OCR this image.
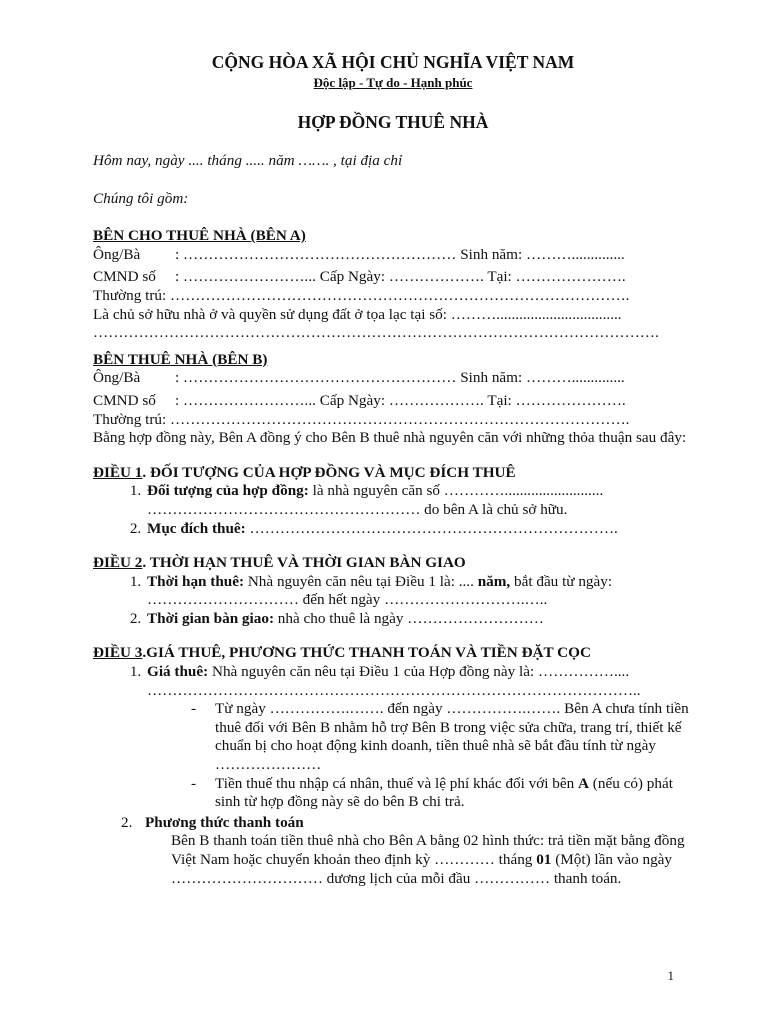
CỘNG HÒA XÃ HỘI CHỦ NGHĨA VIỆT NAM

Độc lập - Tự do - Hạnh phúc

HỢP ĐỒNG THUÊ NHÀ

Hôm nay, ngày .... tháng ..... năm ……. , tại địa chỉ

Chúng tôi gồm:

BÊN CHO THUÊ NHÀ (BÊN A)

Ông/Bà	: ……………………………………………… Sinh năm: ………..............
CMND số	: ……………………... Cấp Ngày: ………………. Tại: ………………….
Thường trú : ……………………………………………………………………………….

Là chủ sở hữu nhà ở và quyền sử dụng đất ở tọa lạc tại số: ……….................................

………………………………………………………………………………………………….

BÊN THUÊ NHÀ (BÊN B)

Ông/Bà	: ……………………………………………… Sinh năm: ………..............
CMND số	: ……………………... Cấp Ngày: ………………. Tại: ………………….
Thường trú : ……………………………………………………………………………….

Bằng hợp đồng này, Bên A đồng ý cho Bên B thuê nhà nguyên căn với những thỏa thuận sau đây:

ĐIỀU 1. ĐỐI TƯỢNG CỦA HỢP ĐỒNG VÀ MỤC ĐÍCH THUÊ

1. Đối tượng của hợp đồng: là nhà nguyên căn số …………..........................
……………………………………………… do bên A là chủ sở hữu.
2. Mục đích thuê: ……………………………………………………………….

ĐIỀU 2. THỜI HẠN THUÊ VÀ THỜI GIAN BÀN GIAO

1. Thời hạn thuê: Nhà nguyên căn nêu tại Điều 1 là: .... năm, bắt đầu từ ngày: ………………………… đến hết ngày ……………………….…..
2. Thời gian bàn giao: nhà cho thuê là ngày ………………………

ĐIỀU 3.GIÁ THUÊ, PHƯƠNG THỨC THANH TOÁN VÀ TIỀN ĐẶT CỌC

1. Giá thuê: Nhà nguyên căn nêu tại Điều 1 của Hợp đồng này là: ……………....
……………………………………………………………………………………..
- Từ ngày …………….……. đến ngày …………….……. Bên A chưa tính tiền thuê đối với Bên B nhằm hỗ trợ Bên B trong việc sửa chữa, trang trí, thiết kế chuẩn bị cho hoạt động kinh doanh, tiền thuê nhà sẽ bắt đầu tính từ ngày …………………
- Tiền thuế thu nhập cá nhân, thuế và lệ phí khác đối với bên A (nếu có) phát sinh từ hợp đồng này sẽ do bên B chi trả.
2. Phương thức thanh toán

Bên B thanh toán tiền thuê nhà cho Bên A bằng 02 hình thức: trả tiền mặt bằng đồng Việt Nam hoặc chuyển khoản theo định kỳ ………… tháng 01 (Một) lần vào ngày ………………………… dương lịch của mỗi đầu …………… thanh toán.

1
